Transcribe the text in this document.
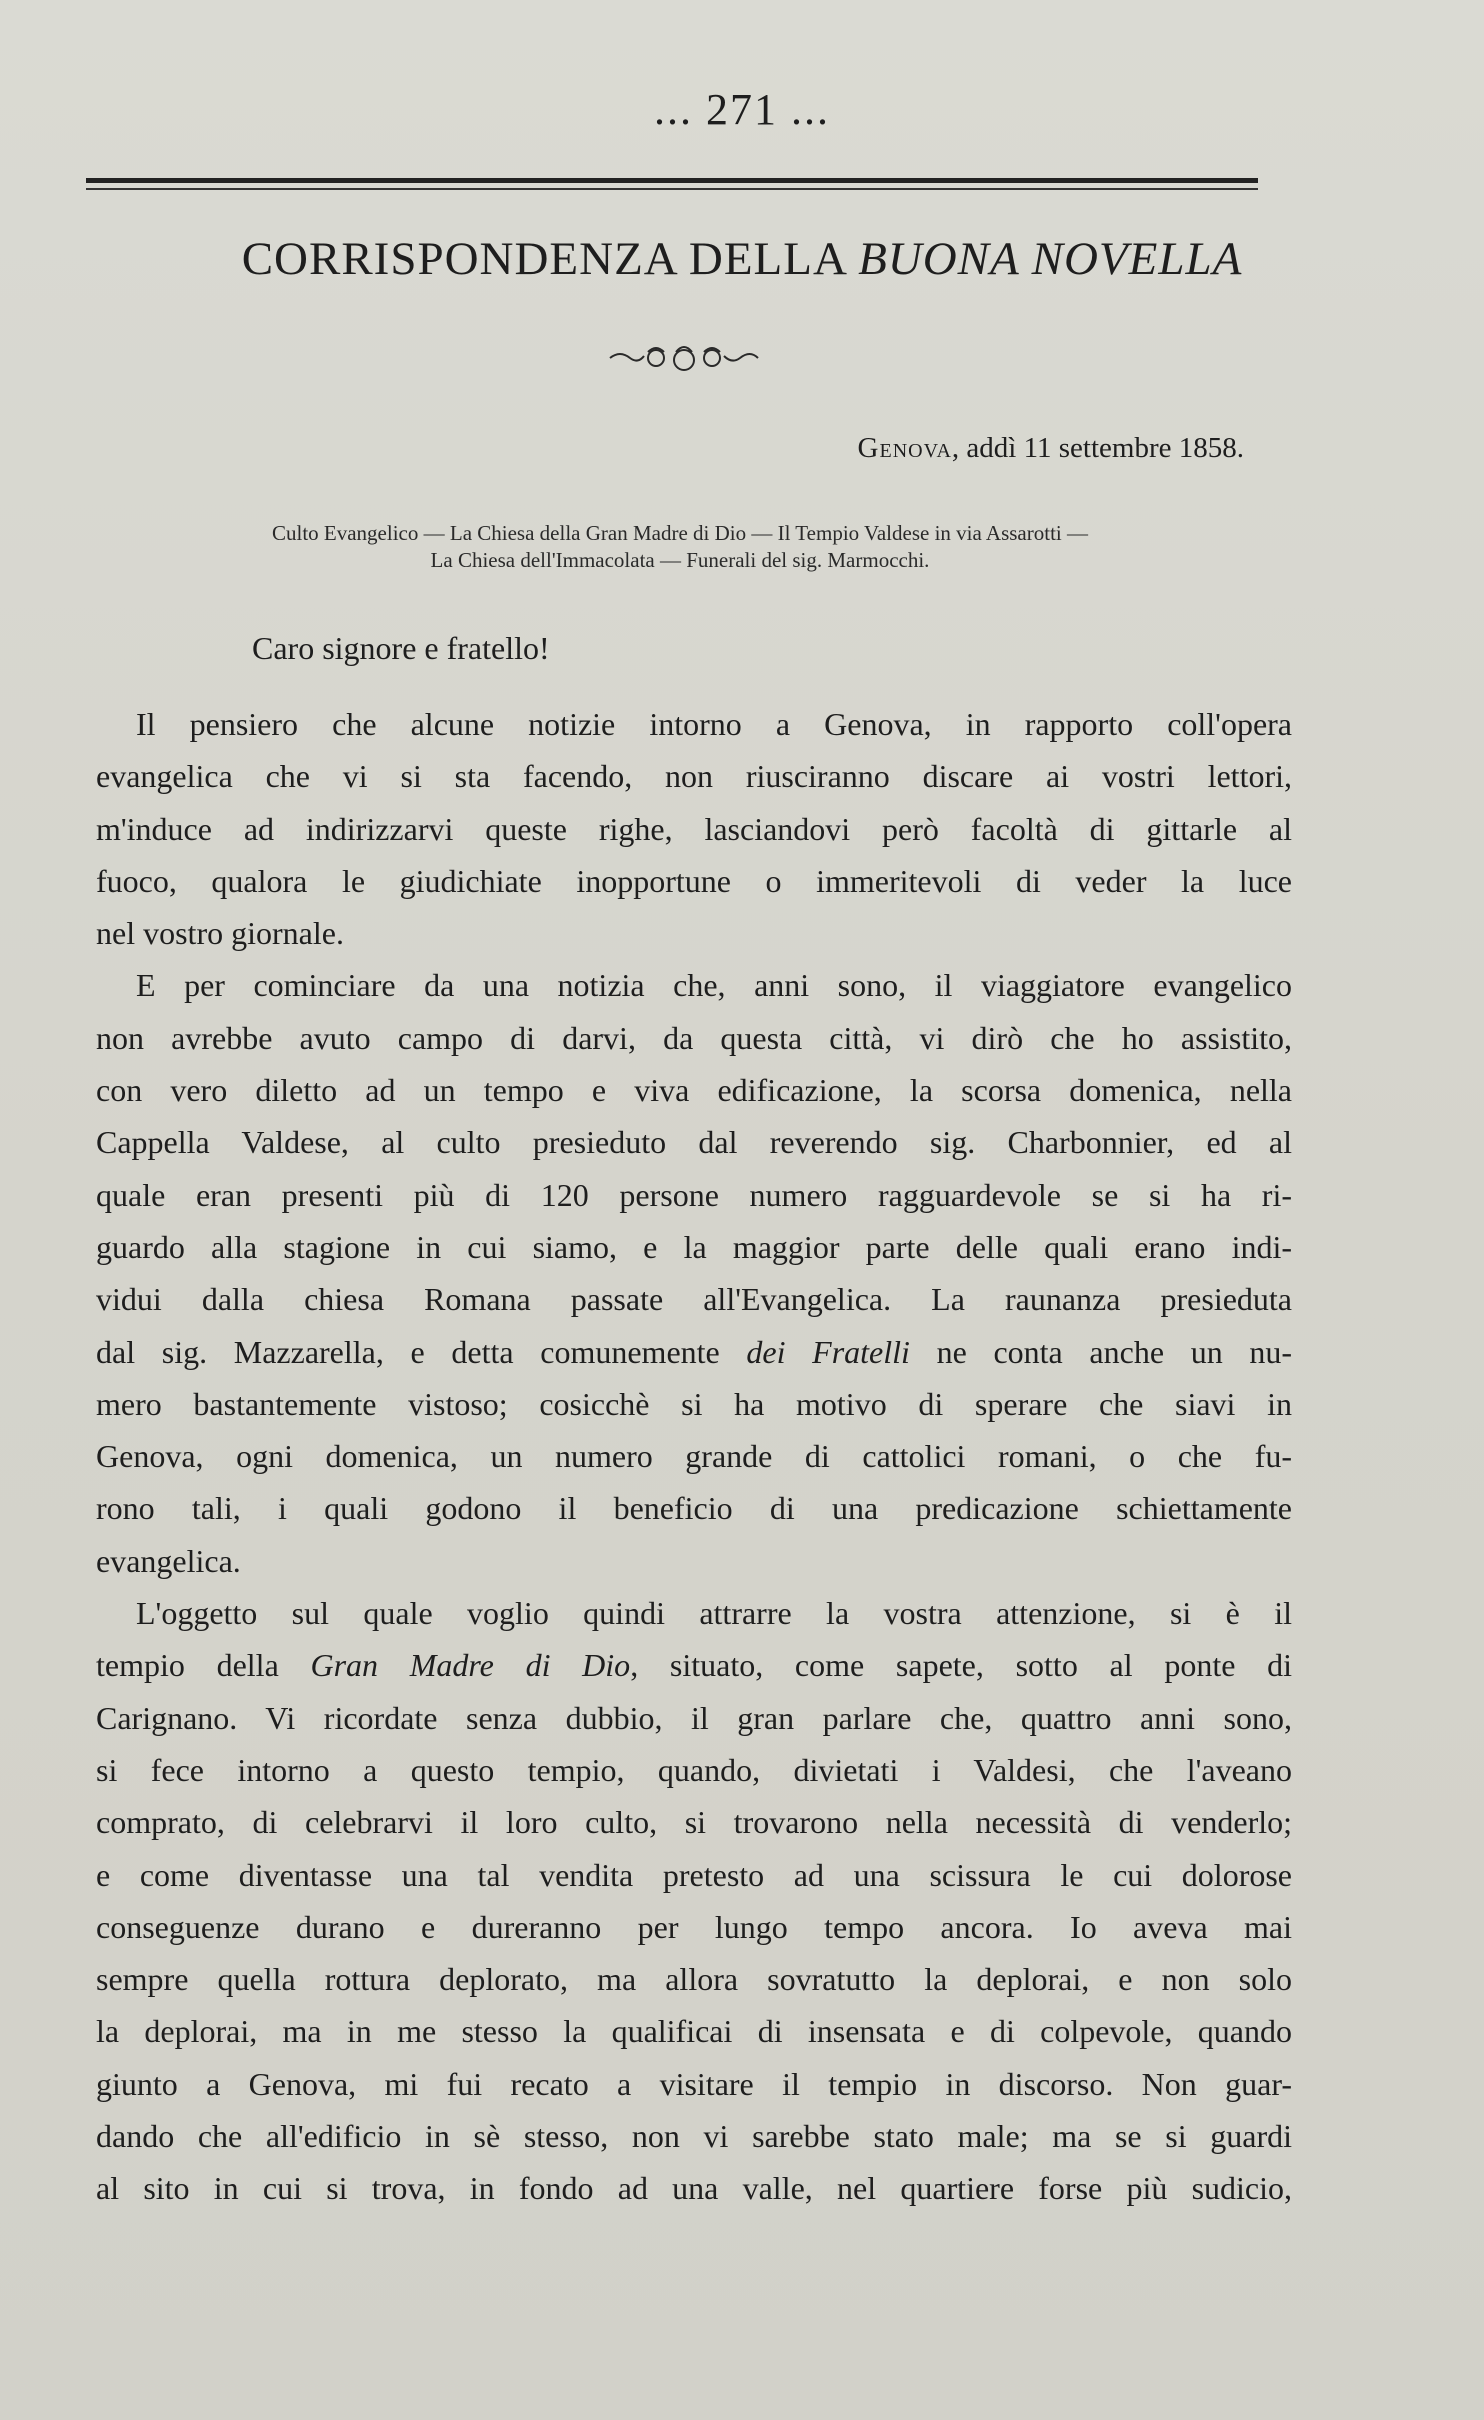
... 271 ...
CORRISPONDENZA DELLA BUONA NOVELLA
Genova, addì 11 settembre 1858.
Culto Evangelico — La Chiesa della Gran Madre di Dio — Il Tempio Valdese in via Assarotti —
La Chiesa dell'Immacolata — Funerali del sig. Marmocchi.
Caro signore e fratello!
Il pensiero che alcune notizie intorno a Genova, in rapporto coll'opera
evangelica che vi si sta facendo, non riusciranno discare ai vostri lettori,
m'induce ad indirizzarvi queste righe, lasciandovi però facoltà di gittarle al
fuoco, qualora le giudichiate inopportune o immeritevoli di veder la luce
nel vostro giornale.
E per cominciare da una notizia che, anni sono, il viaggiatore evangelico
non avrebbe avuto campo di darvi, da questa città, vi dirò che ho assistito,
con vero diletto ad un tempo e viva edificazione, la scorsa domenica, nella
Cappella Valdese, al culto presieduto dal reverendo sig. Charbonnier, ed al
quale eran presenti più di 120 persone numero ragguardevole se si ha ri-
guardo alla stagione in cui siamo, e la maggior parte delle quali erano indi-
vidui dalla chiesa Romana passate all'Evangelica. La raunanza presieduta
dal sig. Mazzarella, e detta comunemente dei Fratelli ne conta anche un nu-
mero bastantemente vistoso; cosicchè si ha motivo di sperare che siavi in
Genova, ogni domenica, un numero grande di cattolici romani, o che fu-
rono tali, i quali godono il beneficio di una predicazione schiettamente
evangelica.
L'oggetto sul quale voglio quindi attrarre la vostra attenzione, si è il
tempio della Gran Madre di Dio, situato, come sapete, sotto al ponte di
Carignano. Vi ricordate senza dubbio, il gran parlare che, quattro anni sono,
si fece intorno a questo tempio, quando, divietati i Valdesi, che l'aveano
comprato, di celebrarvi il loro culto, si trovarono nella necessità di venderlo;
e come diventasse una tal vendita pretesto ad una scissura le cui dolorose
conseguenze durano e dureranno per lungo tempo ancora. Io aveva mai
sempre quella rottura deplorato, ma allora sovratutto la deplorai, e non solo
la deplorai, ma in me stesso la qualificai di insensata e di colpevole, quando
giunto a Genova, mi fui recato a visitare il tempio in discorso. Non guar-
dando che all'edificio in sè stesso, non vi sarebbe stato male; ma se si guardi
al sito in cui si trova, in fondo ad una valle, nel quartiere forse più sudicio,
